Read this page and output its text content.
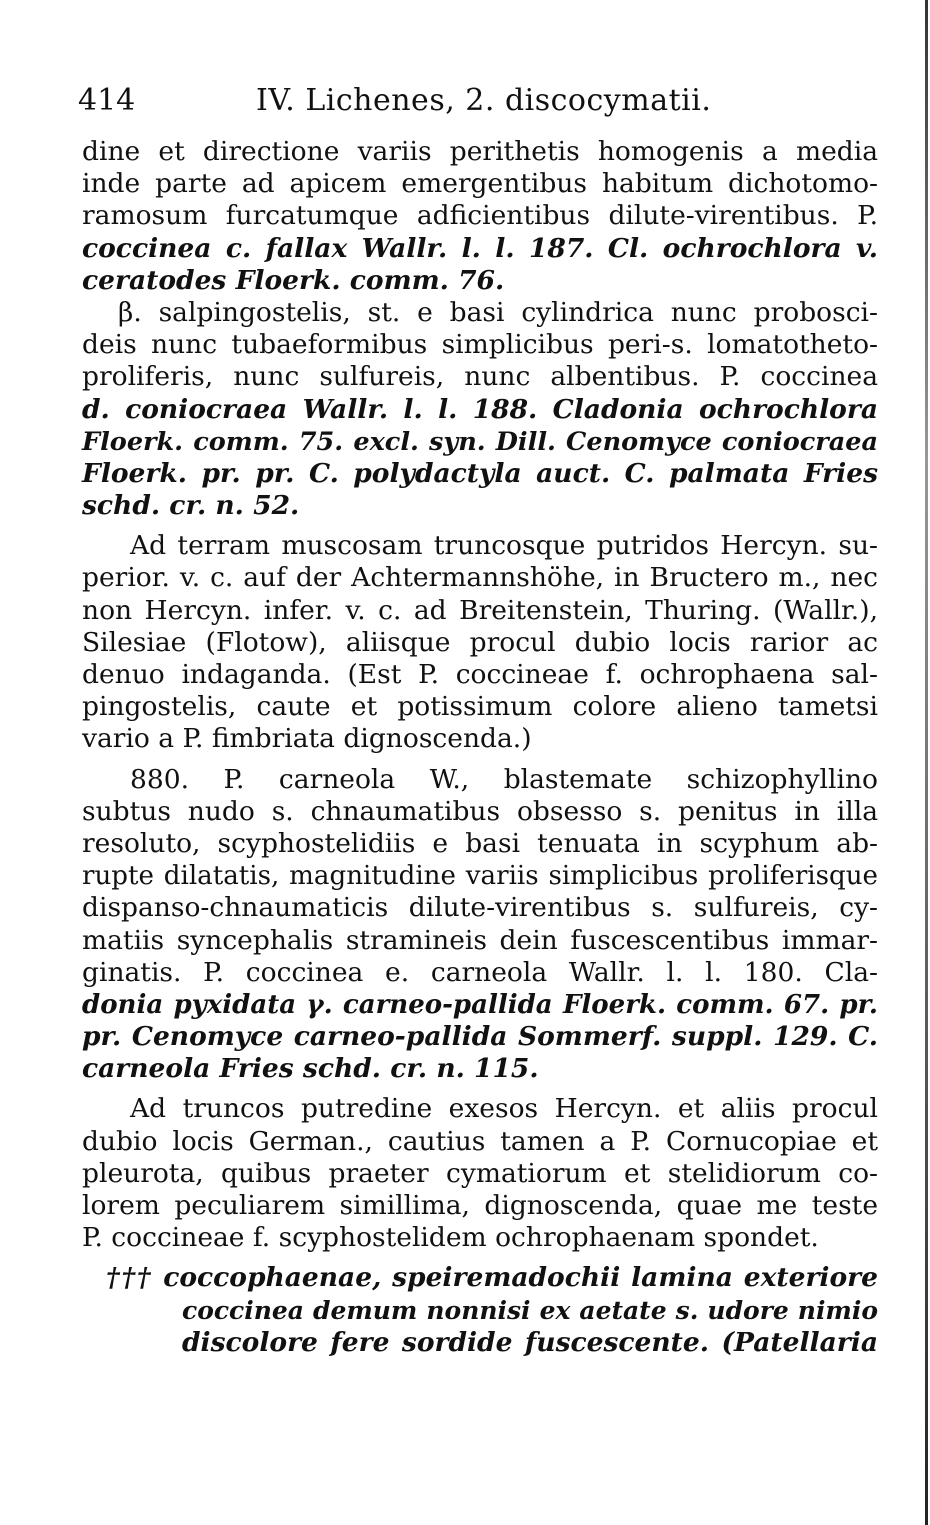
414	IV. Lichenes, 2. discocymatii.
dine et directione variis perithetis homogenis a media
inde parte ad apicem emergentibus habitum dichotomo-
ramosum furcatumque adficientibus dilute-virentibus. P.
coccinea c. fallax Wallr. l. l. 187. Cl. ochrochlora v.
ceratodes Floerk. comm. 76.
β. salpingostelis, st. e basi cylindrica nunc probosci-
deis nunc tubaeformibus simplicibus peri-s. lomatotheto-
proliferis, nunc sulfureis, nunc albentibus. P. coccinea
d. coniocraea Wallr. l. l. 188. Cladonia ochrochlora
Floerk. comm. 75. excl. syn. Dill. Cenomyce coniocraea
Floerk. pr. pr. C. polydactyla auct. C. palmata Fries
schd. cr. n. 52.
Ad terram muscosam truncosque putridos Hercyn. su-
perior. v. c. auf der Achtermannshöhe, in Bructero m., nec
non Hercyn. infer. v. c. ad Breitenstein, Thuring. (Wallr.),
Silesiae (Flotow), aliisque procul dubio locis rarior ac
denuo indaganda. (Est P. coccineae f. ochrophaena sal-
pingostelis, caute et potissimum colore alieno tametsi
vario a P. fimbriata dignoscenda.)
880. P. carneola W., blastemate schizophyllino
subtus nudo s. chnaumatibus obsesso s. penitus in illa
resoluto, scyphostelidiis e basi tenuata in scyphum ab-
rupte dilatatis, magnitudine variis simplicibus proliferisque
dispanso-chnaumaticis dilute-virentibus s. sulfureis, cy-
matiis syncephalis stramineis dein fuscescentibus immar-
ginatis. P. coccinea e. carneola Wallr. l. l. 180. Cla-
donia pyxidata γ. carneo-pallida Floerk. comm. 67. pr.
pr. Cenomyce carneo-pallida Sommerf. suppl. 129. C.
carneola Fries schd. cr. n. 115.
Ad truncos putredine exesos Hercyn. et aliis procul
dubio locis German., cautius tamen a P. Cornucopiae et
pleurota, quibus praeter cymatiorum et stelidiorum co-
lorem peculiarem simillima, dignoscenda, quae me teste
P. coccineae f. scyphostelidem ochrophaenam spondet.
††† coccophaenae, speiremadochii lamina exteriore
coccinea demum nonnisi ex aetate s. udore nimio
discolore fere sordide fuscescente. (Patellaria
